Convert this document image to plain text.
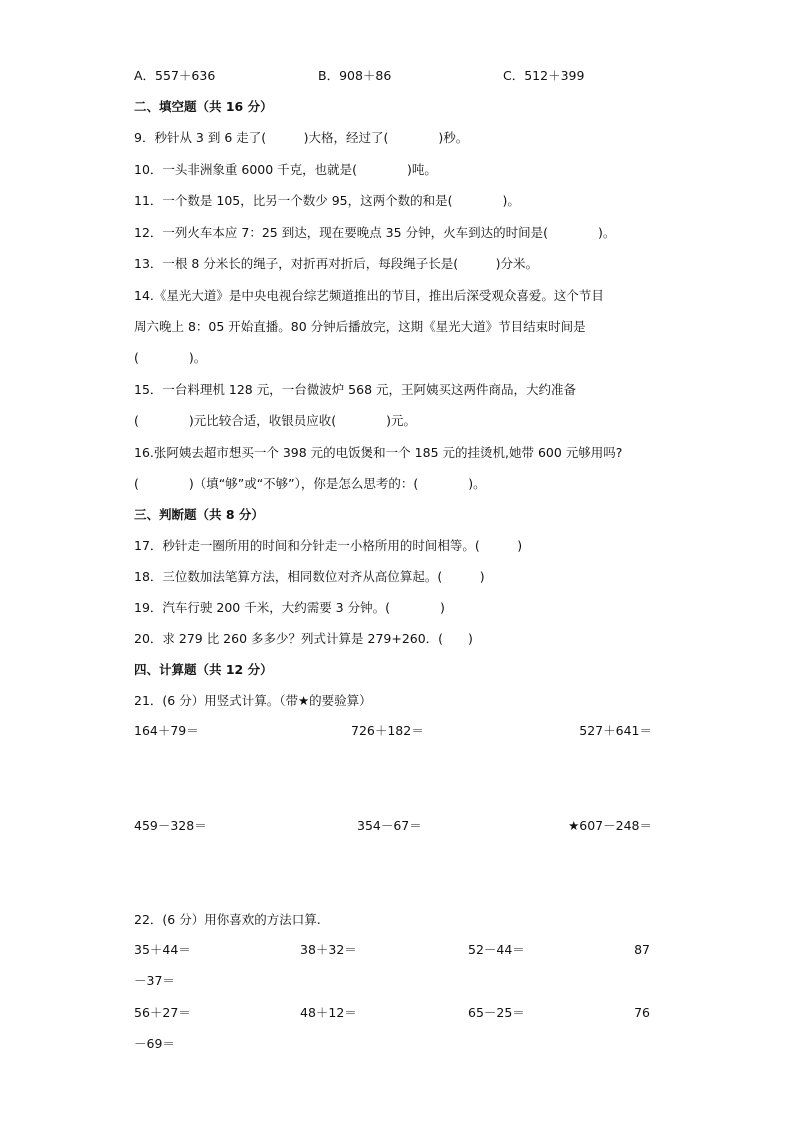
A．557＋636	B．908＋86	C．512＋399
二、填空题（共 16 分）
9．秒针从 3 到 6 走了(　　　)大格，经过了(　　　　)秒。
10．一头非洲象重 6000 千克，也就是(　　　　)吨。
11．一个数是 105，比另一个数少 95，这两个数的和是(　　　　)。
12．一列火车本应 7：25 到达，现在要晚点 35 分钟，火车到达的时间是(　　　　)。
13．一根 8 分米长的绳子，对折再对折后，每段绳子长是(　　　)分米。
14.《星光大道》是中央电视台综艺频道推出的节目，推出后深受观众喜爱。这个节目
周六晚上 8：05 开始直播。80 分钟后播放完，这期《星光大道》节目结束时间是
(　　　　)。
15．一台料理机 128 元，一台微波炉 568 元，王阿姨买这两件商品，大约准备
(　　　　)元比较合适，收银员应收(　　　　)元。
16.张阿姨去超市想买一个 398 元的电饭煲和一个 185 元的挂烫机,她带 600 元够用吗?
(　　　　)（填“够”或“不够”），你是怎么思考的：(　　　　)。
三、判断题（共 8 分）
17．秒针走一圈所用的时间和分针走一小格所用的时间相等。(　　　)
18．三位数加法笔算方法，相同数位对齐从高位算起。(　　　)
19．汽车行驶 200 千米，大约需要 3 分钟。(　　　　)
20．求 279 比 260 多多少？列式计算是 279+260．(　　)
四、计算题（共 12 分）
21．(6 分）用竖式计算。（带★的要验算）
164＋79＝	726＋182＝	527＋641＝
459－328＝	354－67＝	★607－248＝
22．(6 分）用你喜欢的方法口算.
35＋44＝	38＋32＝	52－44＝	87
－37＝
56＋27＝	48＋12＝	65－25＝	76
－69＝
